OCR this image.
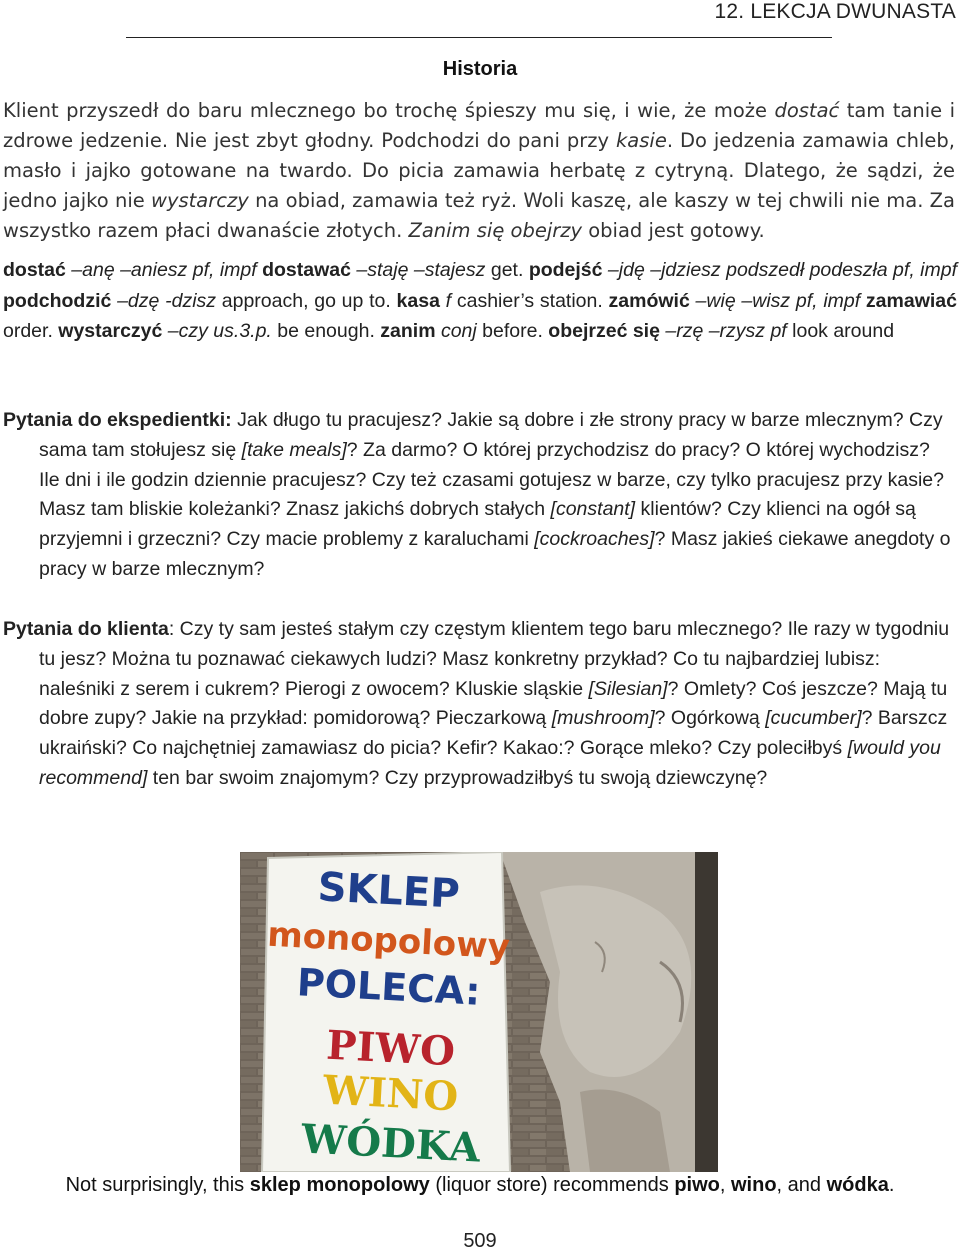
12. LEKCJA DWUNASTA
Historia

Klient przyszedł do baru mlecznego bo trochę śpieszy mu się, i wie, że może dostać tam tanie i zdrowe jedzenie. Nie jest zbyt głodny. Podchodzi do pani przy kasie. Do jedzenia zamawia chleb, masło i jajko gotowane na twardo. Do picia zamawia herbatę z cytryną. Dlatego, że sądzi, że jedno jajko nie wystarczy na obiad, zamawia też ryż. Woli kaszę, ale kaszy w tej chwili nie ma. Za wszystko razem płaci dwanaście złotych. Zanim się obejrzy obiad jest gotowy.

dostać –anę –aniesz pf, impf dostawać –staję –stajesz get. podejść –jdę –jdziesz podszedł podeszła pf, impf podchodzić –dzę -dzisz approach, go up to. kasa f cashier’s station. zamówić –wię –wisz pf, impf zamawiać order. wystarczyć –czy us.3.p. be enough. zanim conj before. obejrzeć się –rzę –rzysz pf look around

Pytania do ekspedientki: Jak długo tu pracujesz? Jakie są dobre i złe strony pracy w barze mlecznym? Czy sama tam stołujesz się [take meals]? Za darmo? O której przychodzisz do pracy? O której wychodzisz? Ile dni i ile godzin dziennie pracujesz? Czy też czasami gotujesz w barze, czy tylko pracujesz przy kasie? Masz tam bliskie koleżanki? Znasz jakichś dobrych stałych [constant] klientów? Czy klienci na ogół są przyjemni i grzeczni? Czy macie problemy z karaluchami [cockroaches]? Masz jakieś ciekawe anegdoty o pracy w barze mlecznym?

Pytania do klienta: Czy ty sam jesteś stałym czy częstym klientem tego baru mlecznego? Ile razy w tygodniu tu jesz? Można tu poznawać ciekawych ludzi? Masz konkretny przykład? Co tu najbardziej lubisz: naleśniki z serem i cukrem? Pierogi z owocem? Kluskie sląskie [Silesian]? Omlety? Coś jeszcze? Mają tu dobre zupy? Jakie na przykład: pomidorową? Pieczarkową [mushroom]? Ogórkową [cucumber]? Barszcz ukraiński? Co najchętniej zamawiasz do picia? Kefir? Kakao:? Gorące mleko? Czy poleciłbyś [would you recommend] ten bar swoim znajomym? Czy przyprowadziłbyś tu swoją dziewczynę?

SKLEP
monopolowy
POLECA:
PIWO
WINO
WÓDKA
Not surprisingly, this sklep monopolowy (liquor store) recommends piwo, wino, and wódka.
509
